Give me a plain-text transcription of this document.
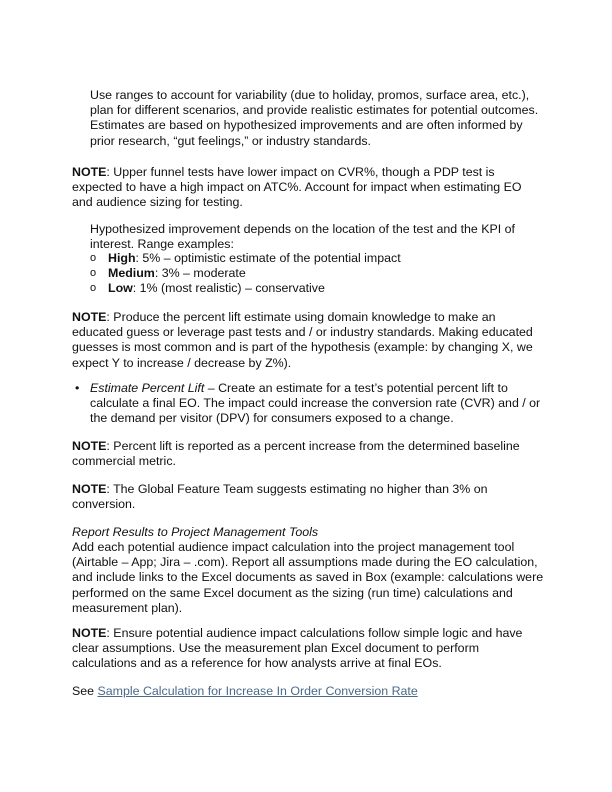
Use ranges to account for variability (due to holiday, promos, surface area, etc.), plan for different scenarios, and provide realistic estimates for potential outcomes. Estimates are based on hypothesized improvements and are often informed by prior research, “gut feelings,” or industry standards.

NOTE: Upper funnel tests have lower impact on CVR%, though a PDP test is expected to have a high impact on ATC%. Account for impact when estimating EO and audience sizing for testing.

Hypothesized improvement depends on the location of the test and the KPI of interest. Range examples:

o High: 5% – optimistic estimate of the potential impact
o Medium: 3% – moderate
o Low: 1% (most realistic) – conservative

NOTE: Produce the percent lift estimate using domain knowledge to make an educated guess or leverage past tests and / or industry standards. Making educated guesses is most common and is part of the hypothesis (example: by changing X, we expect Y to increase / decrease by Z%).

• Estimate Percent Lift – Create an estimate for a test’s potential percent lift to calculate a final EO. The impact could increase the conversion rate (CVR) and / or the demand per visitor (DPV) for consumers exposed to a change.

NOTE: Percent lift is reported as a percent increase from the determined baseline commercial metric.

NOTE: The Global Feature Team suggests estimating no higher than 3% on conversion.

Report Results to Project Management Tools

Add each potential audience impact calculation into the project management tool (Airtable – App; Jira – .com). Report all assumptions made during the EO calculation, and include links to the Excel documents as saved in Box (example: calculations were performed on the same Excel document as the sizing (run time) calculations and measurement plan).

NOTE: Ensure potential audience impact calculations follow simple logic and have clear assumptions. Use the measurement plan Excel document to perform calculations and as a reference for how analysts arrive at final EOs.

See Sample Calculation for Increase In Order Conversion Rate
